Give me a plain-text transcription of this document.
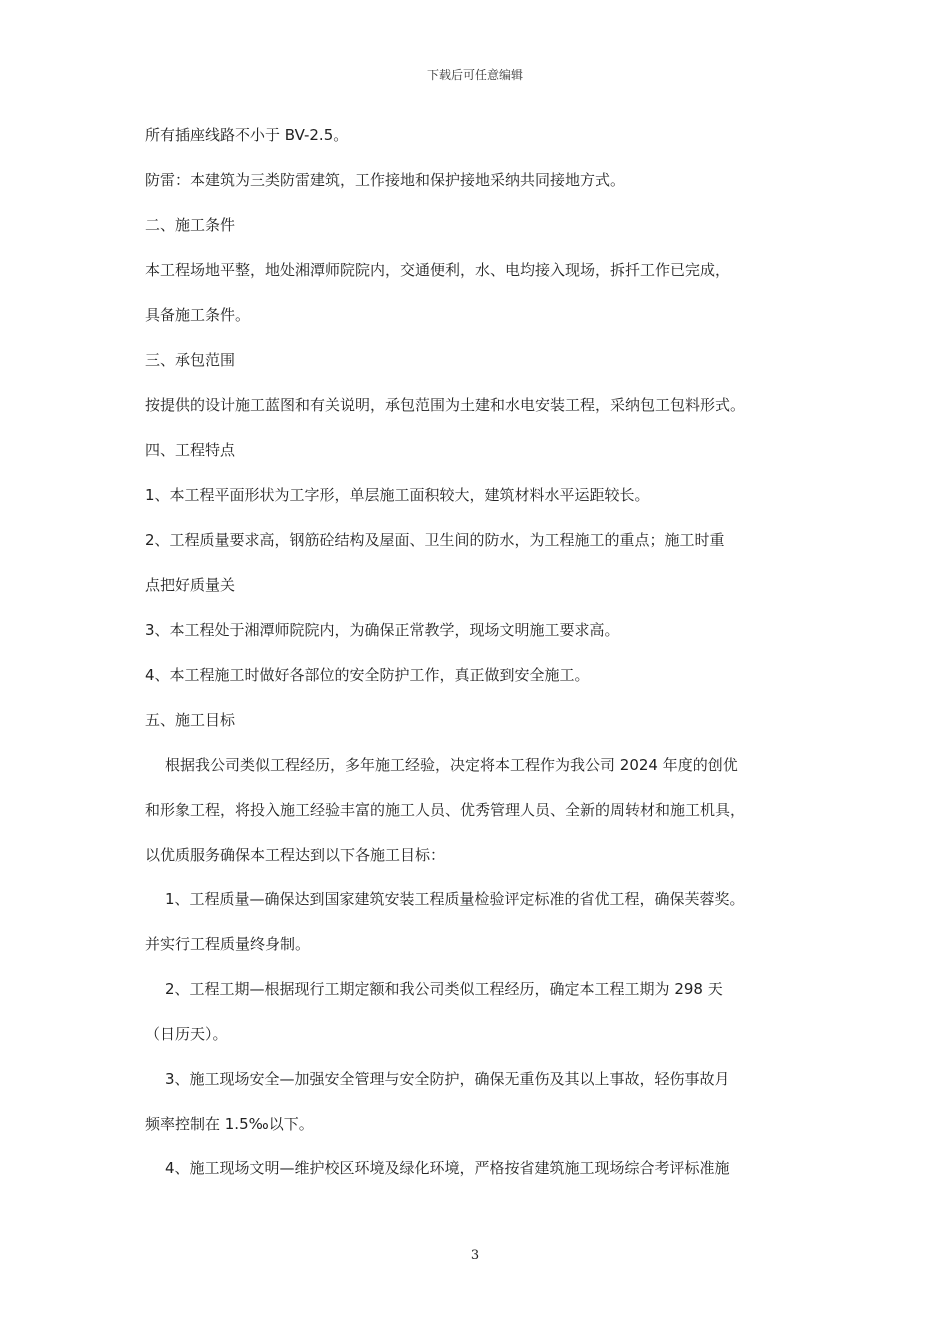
下载后可任意编辑
所有插座线路不小于 BV-2.5。
防雷：本建筑为三类防雷建筑，工作接地和保护接地采纳共同接地方式。
二、施工条件
本工程场地平整，地处湘潭师院院内，交通便利，水、电均接入现场，拆扦工作已完成，
具备施工条件。
三、承包范围
按提供的设计施工蓝图和有关说明，承包范围为土建和水电安装工程，采纳包工包料形式。
四、工程特点
1、本工程平面形状为工字形，单层施工面积较大，建筑材料水平运距较长。
2、工程质量要求高，钢筋砼结构及屋面、卫生间的防水，为工程施工的重点；施工时重
点把好质量关
3、本工程处于湘潭师院院内，为确保正常教学，现场文明施工要求高。
4、本工程施工时做好各部位的安全防护工作，真正做到安全施工。
五、施工目标
根据我公司类似工程经历，多年施工经验，决定将本工程作为我公司 2024 年度的创优
和形象工程，将投入施工经验丰富的施工人员、优秀管理人员、全新的周转材和施工机具，
以优质服务确保本工程达到以下各施工目标：
1、工程质量—确保达到国家建筑安装工程质量检验评定标准的省优工程，确保芙蓉奖。
并实行工程质量终身制。
2、工程工期—根据现行工期定额和我公司类似工程经历，确定本工程工期为 298 天
（日历天）。
3、施工现场安全—加强安全管理与安全防护，确保无重伤及其以上事故，轻伤事故月
频率控制在 1.5‰以下。
4、施工现场文明—维护校区环境及绿化环境，严格按省建筑施工现场综合考评标准施
3
